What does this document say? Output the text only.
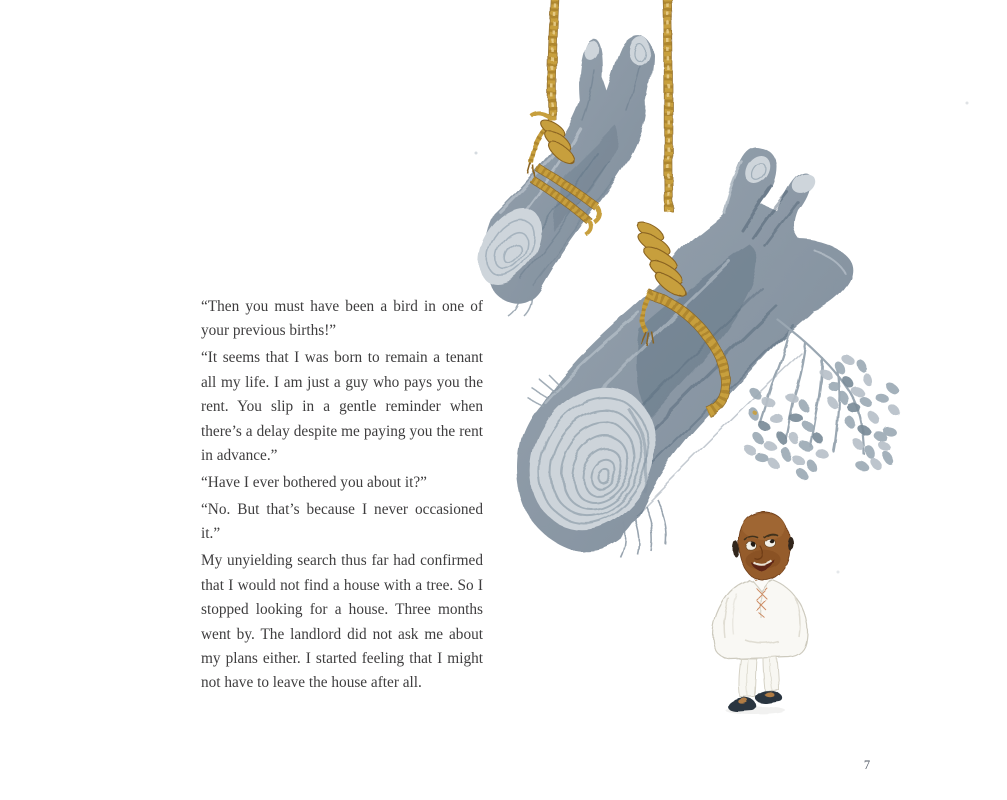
“Then you must have been a bird in one of your previous births!”

“It seems that I was born to remain a tenant all my life. I am just a guy who pays you the rent. You slip in a gentle reminder when there’s a delay despite me paying you the rent in advance.”

“Have I ever bothered you about it?”

“No. But that’s because I never occasioned it.”

My unyielding search thus far had confirmed that I would not find a house with a tree. So I stopped looking for a house. Three months went by. The landlord did not ask me about my plans either. I started feeling that I might not have to leave the house after all.

7
